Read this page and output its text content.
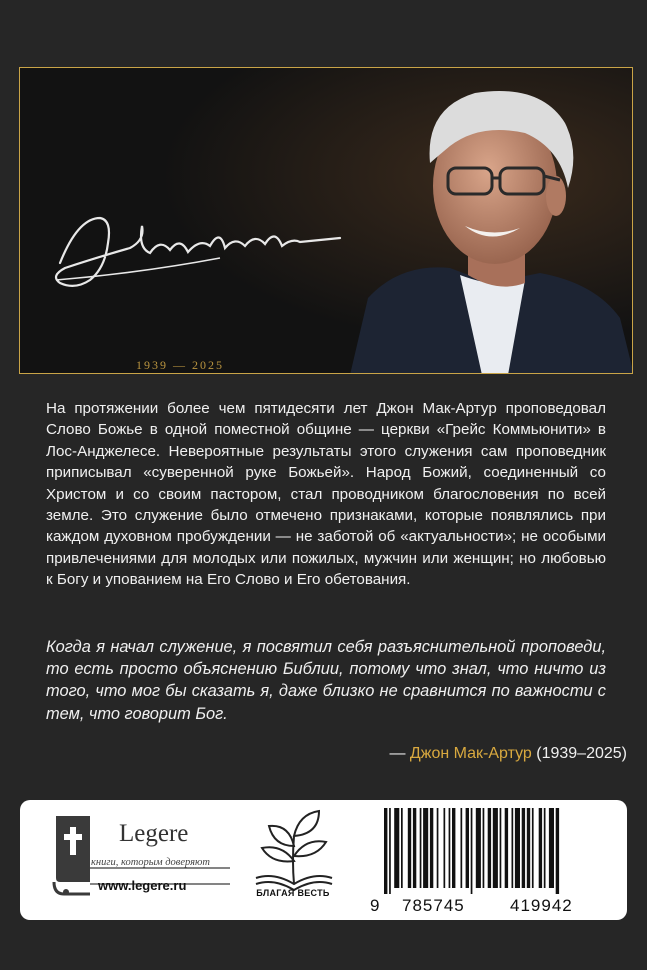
1939 — 2025

На протяжении более чем пятидесяти лет Джон Мак-Артур проповедовал Слово Божье в одной поместной общине — церкви «Грейс Коммьюнити» в Лос-Анджелесе. Невероятные результаты этого служения сам проповедник приписывал «суверенной руке Божьей». Народ Божий, соединенный со Христом и со своим пастором, стал проводником благословения по всей земле. Это служение было отмечено признаками, которые появлялись при каждом духовном пробуждении — не заботой об «актуальности»; не особыми привлечениями для молодых или пожилых, мужчин или женщин; но любовью к Богу и упованием на Его Слово и Его обетования.

Когда я начал служение, я посвятил себя разъяснительной проповеди, то есть просто объяснению Библии, потому что знал, что ничто из того, что мог бы сказать я, даже близко не сравнится по важности с тем, что говорит Бог.

— Джон Мак-Артур (1939–2025)
Legere
книги, которым доверяют
www.legere.ru	БЛАГАЯ ВЕСТЬ
9 785745	419942
